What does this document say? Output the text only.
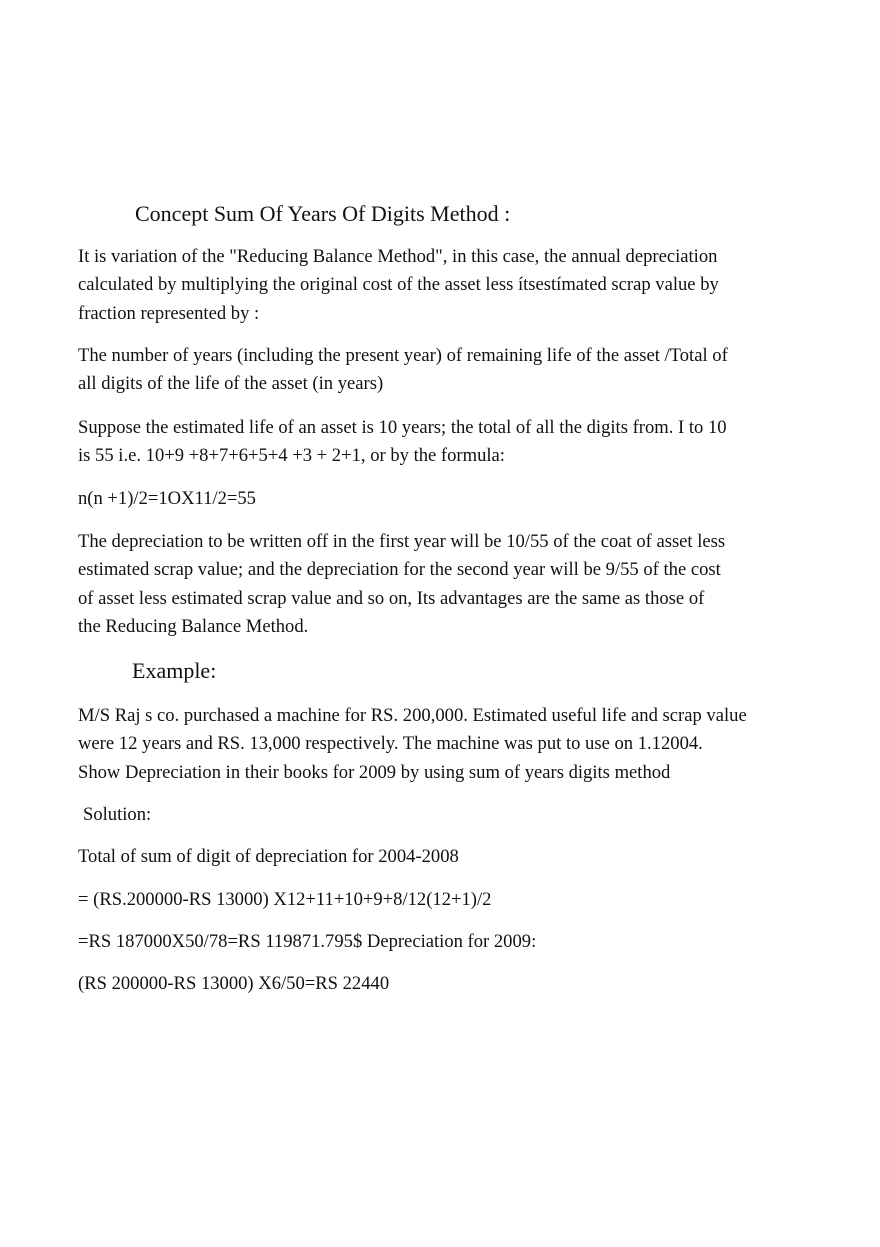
Concept Sum Of Years Of Digits Method :
It is variation of the "Reducing Balance Method", in this case, the annual depreciation
calculated by multiplying the original cost of the asset less ítsestímated scrap value by
fraction represented by :
The number of years (including the present year) of remaining life of the asset /Total of
all digits of the life of the asset (in years)
Suppose the estimated life of an asset is 10 years; the total of all the digits from. I to 10
is 55 i.e. 10+9 +8+7+6+5+4 +3 + 2+1, or by the formula:
n(n +1)/2=1OX11/2=55
The depreciation to be written off in the first year will be 10/55 of the coat of asset less
estimated scrap value; and the depreciation for the second year will be 9/55 of the cost
of asset less estimated scrap value and so on, Its advantages are the same as those of
the Reducing Balance Method.
Example:
M/S Raj s co. purchased a machine for RS. 200,000. Estimated useful life and scrap value
were 12 years and RS. 13,000 respectively. The machine was put to use on 1.12004.
Show Depreciation in their books for 2009 by using sum of years digits method
Solution:
Total of sum of digit of depreciation for 2004-2008
= (RS.200000-RS 13000) X12+11+10+9+8/12(12+1)/2
=RS 187000X50/78=RS 119871.795$ Depreciation for 2009:
(RS 200000-RS 13000) X6/50=RS 22440
